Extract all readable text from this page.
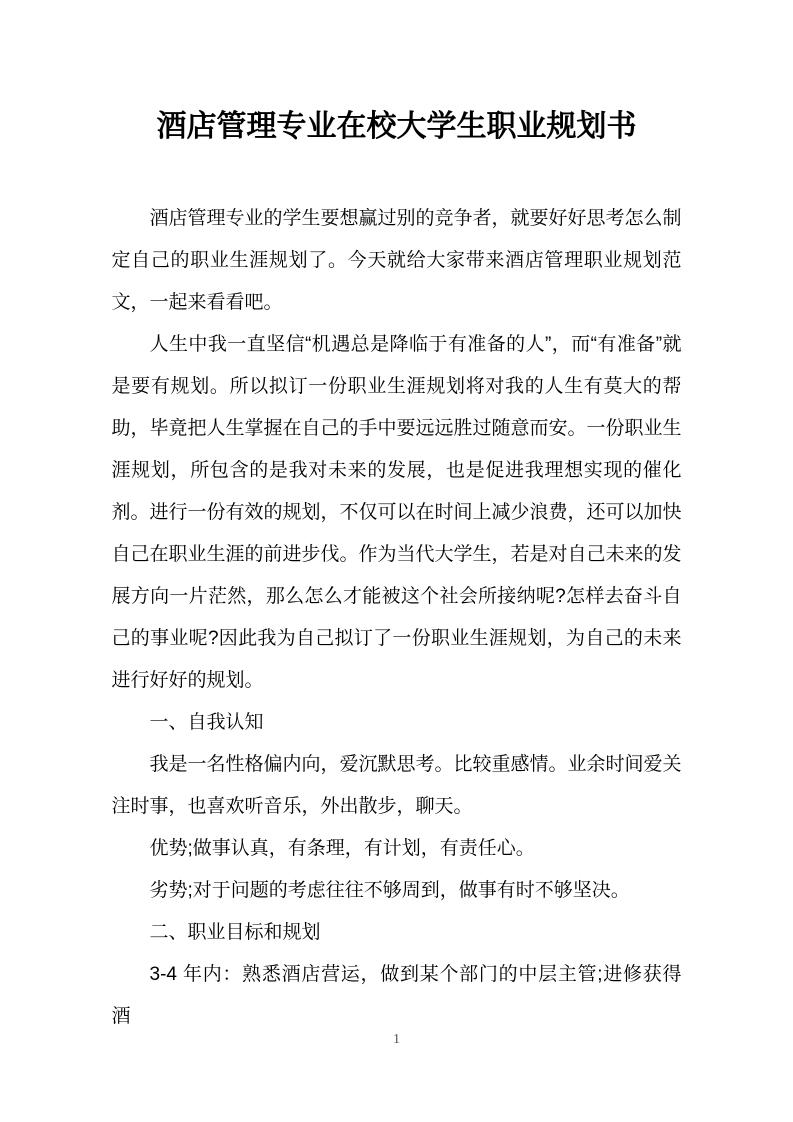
酒店管理专业在校大学生职业规划书

酒店管理专业的学生要想赢过别的竞争者，就要好好思考怎么制定自己的职业生涯规划了。今天就给大家带来酒店管理职业规划范文，一起来看看吧。

人生中我一直坚信“机遇总是降临于有准备的人”，而“有准备”就是要有规划。所以拟订一份职业生涯规划将对我的人生有莫大的帮助，毕竟把人生掌握在自己的手中要远远胜过随意而安。一份职业生涯规划，所包含的是我对未来的发展，也是促进我理想实现的催化剂。进行一份有效的规划，不仅可以在时间上减少浪费，还可以加快自己在职业生涯的前进步伐。作为当代大学生，若是对自己未来的发展方向一片茫然，那么怎么才能被这个社会所接纳呢?怎样去奋斗自己的事业呢?因此我为自己拟订了一份职业生涯规划，为自己的未来进行好好的规划。

一、自我认知

我是一名性格偏内向，爱沉默思考。比较重感情。业余时间爱关注时事，也喜欢听音乐，外出散步，聊天。

优势;做事认真，有条理，有计划，有责任心。

劣势;对于问题的考虑往往不够周到，做事有时不够坚决。

二、职业目标和规划

3-4 年内：熟悉酒店营运，做到某个部门的中层主管;进修获得酒

1
